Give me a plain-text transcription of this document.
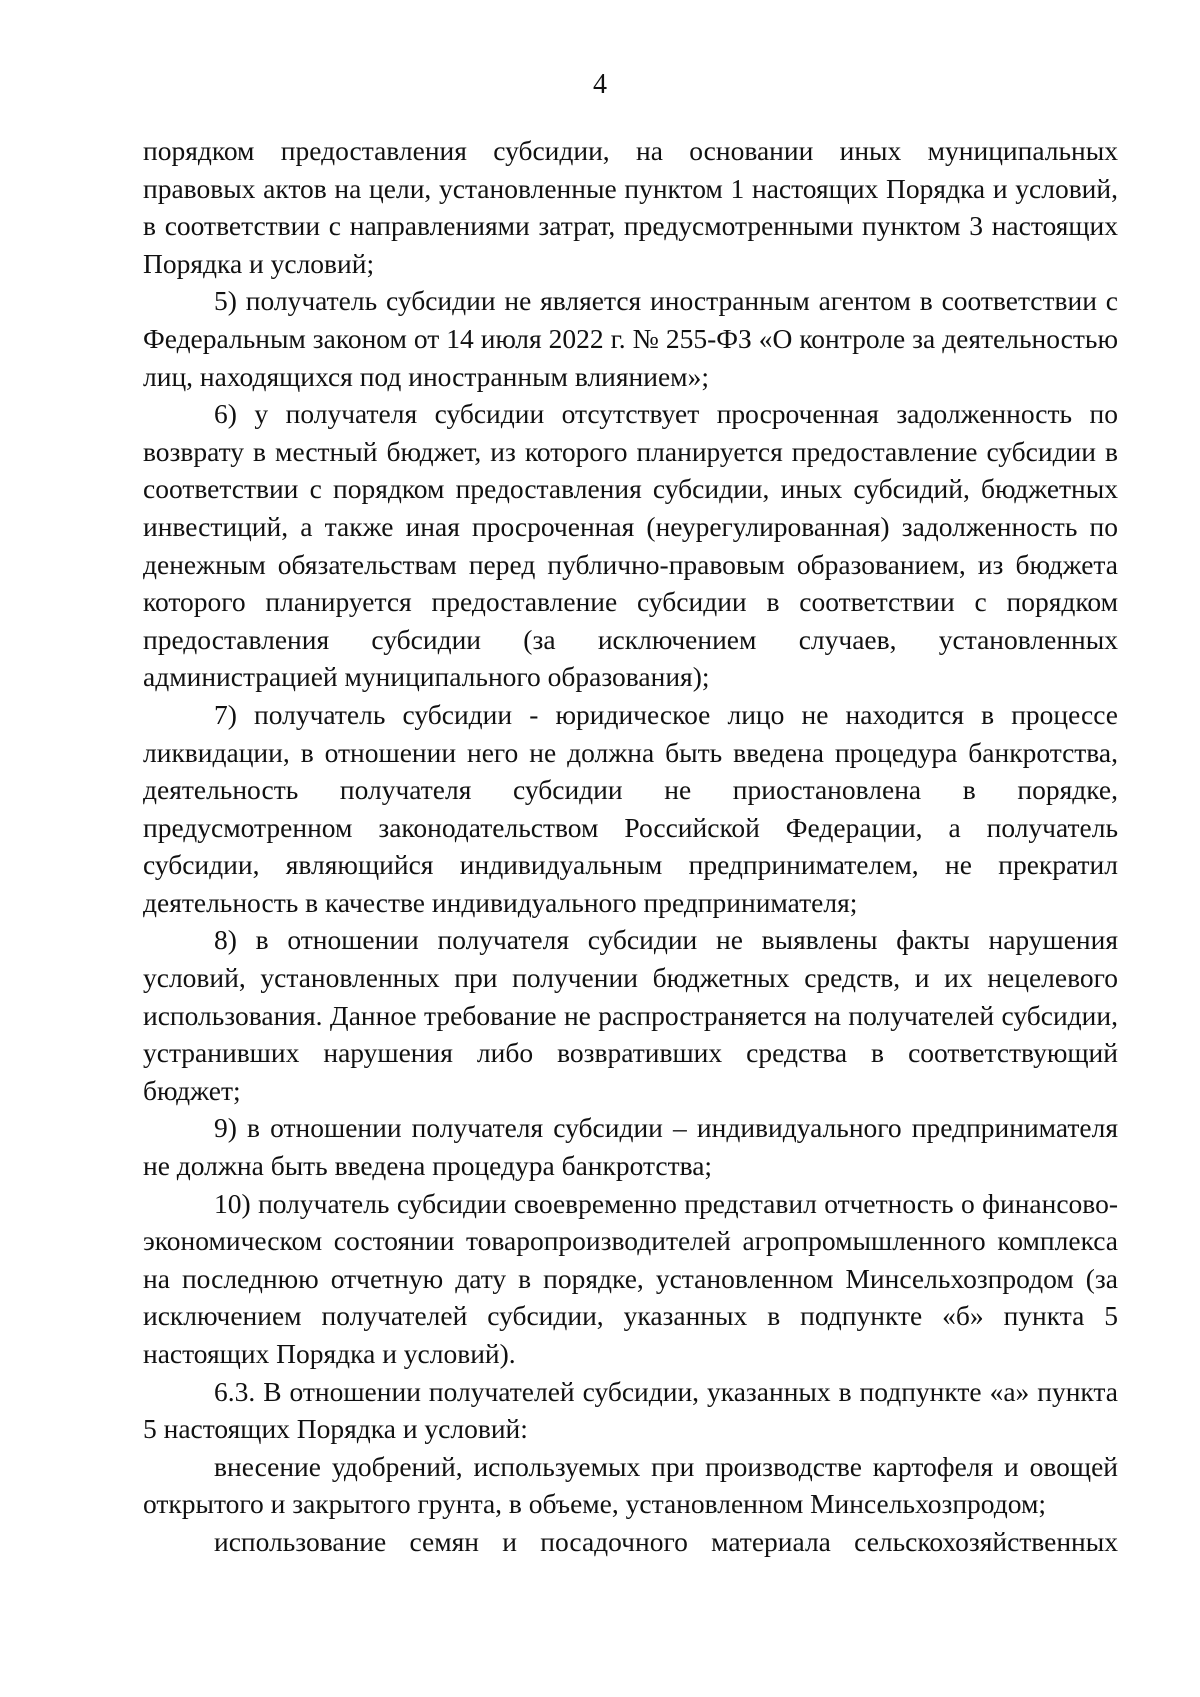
4

порядком предоставления субсидии, на основании иных муниципальных правовых актов на цели, установленные пунктом 1 настоящих Порядка и условий, в соответствии с направлениями затрат, предусмотренными пунктом 3 настоящих Порядка и условий;

5) получатель субсидии не является иностранным агентом в соответствии с Федеральным законом от 14 июля 2022 г. № 255-ФЗ «О контроле за деятельностью лиц, находящихся под иностранным влиянием»;

6) у получателя субсидии отсутствует просроченная задолженность по возврату в местный бюджет, из которого планируется предоставление субсидии в соответствии с порядком предоставления субсидии, иных субсидий, бюджетных инвестиций, а также иная просроченная (неурегулированная) задолженность по денежным обязательствам перед публично-правовым образованием, из бюджета которого планируется предоставление субсидии в соответствии с порядком предоставления субсидии (за исключением случаев, установленных администрацией муниципального образования);

7) получатель субсидии - юридическое лицо не находится в процессе ликвидации, в отношении него не должна быть введена процедура банкротства, деятельность получателя субсидии не приостановлена в порядке, предусмотренном законодательством Российской Федерации, а получатель субсидии, являющийся индивидуальным предпринимателем, не прекратил деятельность в качестве индивидуального предпринимателя;

8) в отношении получателя субсидии не выявлены факты нарушения условий, установленных при получении бюджетных средств, и их нецелевого использования. Данное требование не распространяется на получателей субсидии, устранивших нарушения либо возвративших средства в соответствующий бюджет;

9) в отношении получателя субсидии – индивидуального предпринимателя не должна быть введена процедура банкротства;

10) получатель субсидии своевременно представил отчетность о финансово-экономическом состоянии товаропроизводителей агропромышленного комплекса на последнюю отчетную дату в порядке, установленном Минсельхозпродом (за исключением получателей субсидии, указанных в подпункте «б» пункта 5 настоящих Порядка и условий).

6.3. В отношении получателей субсидии, указанных в подпункте «а» пункта 5 настоящих Порядка и условий:

внесение удобрений, используемых при производстве картофеля и овощей открытого и закрытого грунта, в объеме, установленном Минсельхозпродом;

использование семян и посадочного материала сельскохозяйственных
